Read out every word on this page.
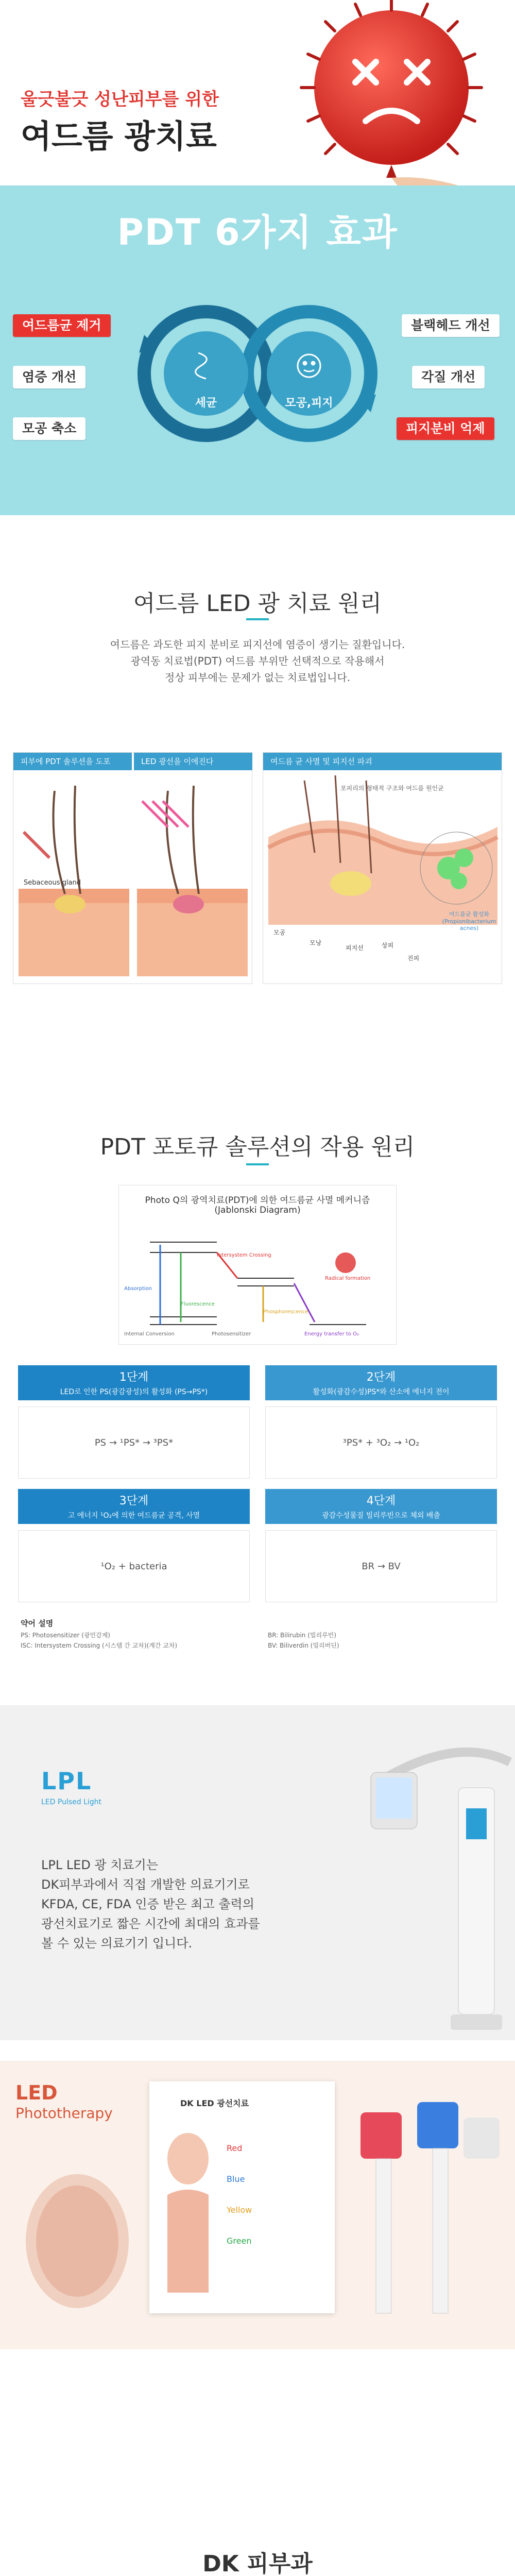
울긋불긋 성난피부를 위한
여드름 광치료
PDT 6가지 효과
세균	모공,피지
여드름균 제거
염증 개선
모공 축소
블랙헤드 개선
각질 개선
피지분비 억제
여드름 LED 광 치료 원리
여드름은 과도한 피지 분비로 피지선에 염증이 생기는 질환입니다.
광역동 치료법(PDT) 여드름 부위만 선택적으로 작용해서
정상 피부에는 문제가 없는 치료법입니다.
피부에 PDT 솔루션을 도포	LED 광선을 이에진다
Sebaceous gland
여드름 균 사멸 및 피지선 파괴
포피리의 형태적 구조와 여드름 원인균
여드름균 활성화(Propionibacterium acnes)
모공
모낭
피지선	상피
진피
PDT 포토큐 솔루션의 작용 원리
Photo Q의 광역치료(PDT)에 의한 여드름균 사멸 메커니즘
(Jablonski Diagram)
Absorption
Fluorescence
Phosphorescence
Internal Conversion
Intersystem Crossing
Photosensitizer
Radical formation
Energy transfer to O₂
1단계
LED로 인한 PS(광감광성)의 활성화 (PS→PS*)
PS → ¹PS* → ³PS*
2단계
활성화(광감수성)PS*와 산소에 에너지 전이
³PS* + ³O₂ → ¹O₂
3단계
고 에너지 ¹O₂에 의한 여드름균 공격, 사멸
¹O₂ + bacteria
4단계
광감수성물질 빌리루빈으로 체외 배출
BR → BV
약어 설명
PS: Photosensitizer (광민감제)
ISC: Intersystem Crossing (시스템 간 교차)(계간 교차)
BR: Bilirubin (빌리루빈)
BV: Biliverdin (빌리버딘)
LPL
LED Pulsed Light
LPL LED 광 치료기는
DK피부과에서 직접 개발한 의료기기로
KFDA, CE, FDA 인증 받은 최고 출력의
광선치료기로 짧은 시간에 최대의 효과를
볼 수 있는 의료기기 입니다.
LED
Phototherapy
DK LED 광선치료
Red
Blue
Yellow
Green
DK 피부과
